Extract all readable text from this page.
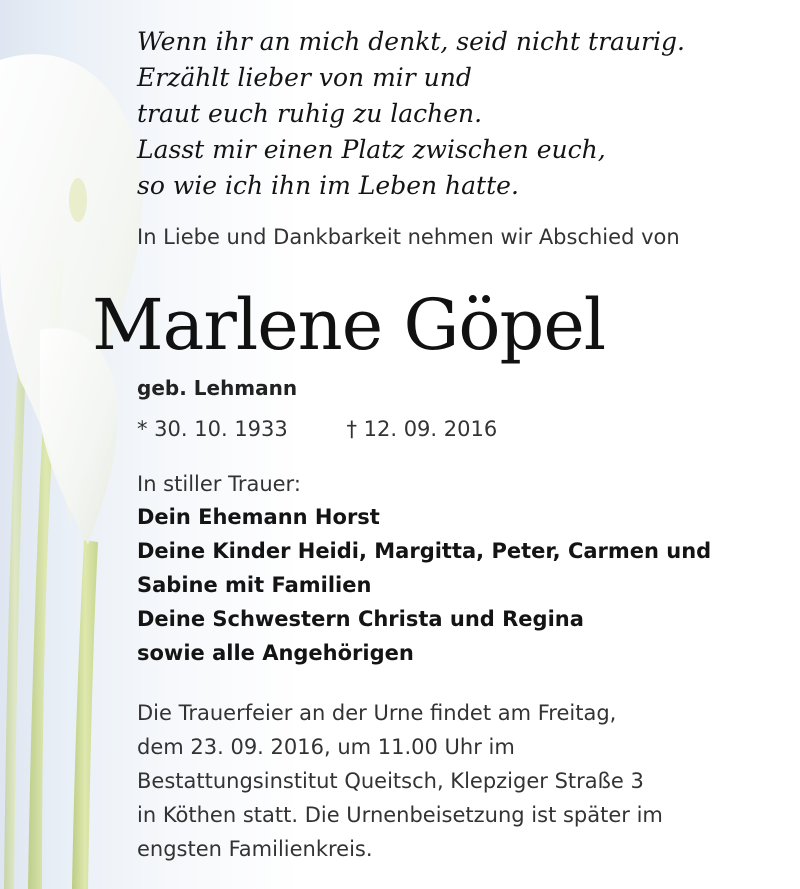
Wenn ihr an mich denkt, seid nicht traurig.
Erzählt lieber von mir und
traut euch ruhig zu lachen.
Lasst mir einen Platz zwischen euch,
so wie ich ihn im Leben hatte.
In Liebe und Dankbarkeit nehmen wir Abschied von
Marlene Göpel
geb. Lehmann
* 30. 10. 1933	† 12. 09. 2016
In stiller Trauer:
Dein Ehemann Horst
Deine Kinder Heidi, Margitta, Peter, Carmen und
Sabine mit Familien
Deine Schwestern Christa und Regina
sowie alle Angehörigen
Die Trauerfeier an der Urne findet am Freitag,
dem 23. 09. 2016, um 11.00 Uhr im
Bestattungsinstitut Queitsch, Klepziger Straße 3
in Köthen statt. Die Urnenbeisetzung ist später im
engsten Familienkreis.
